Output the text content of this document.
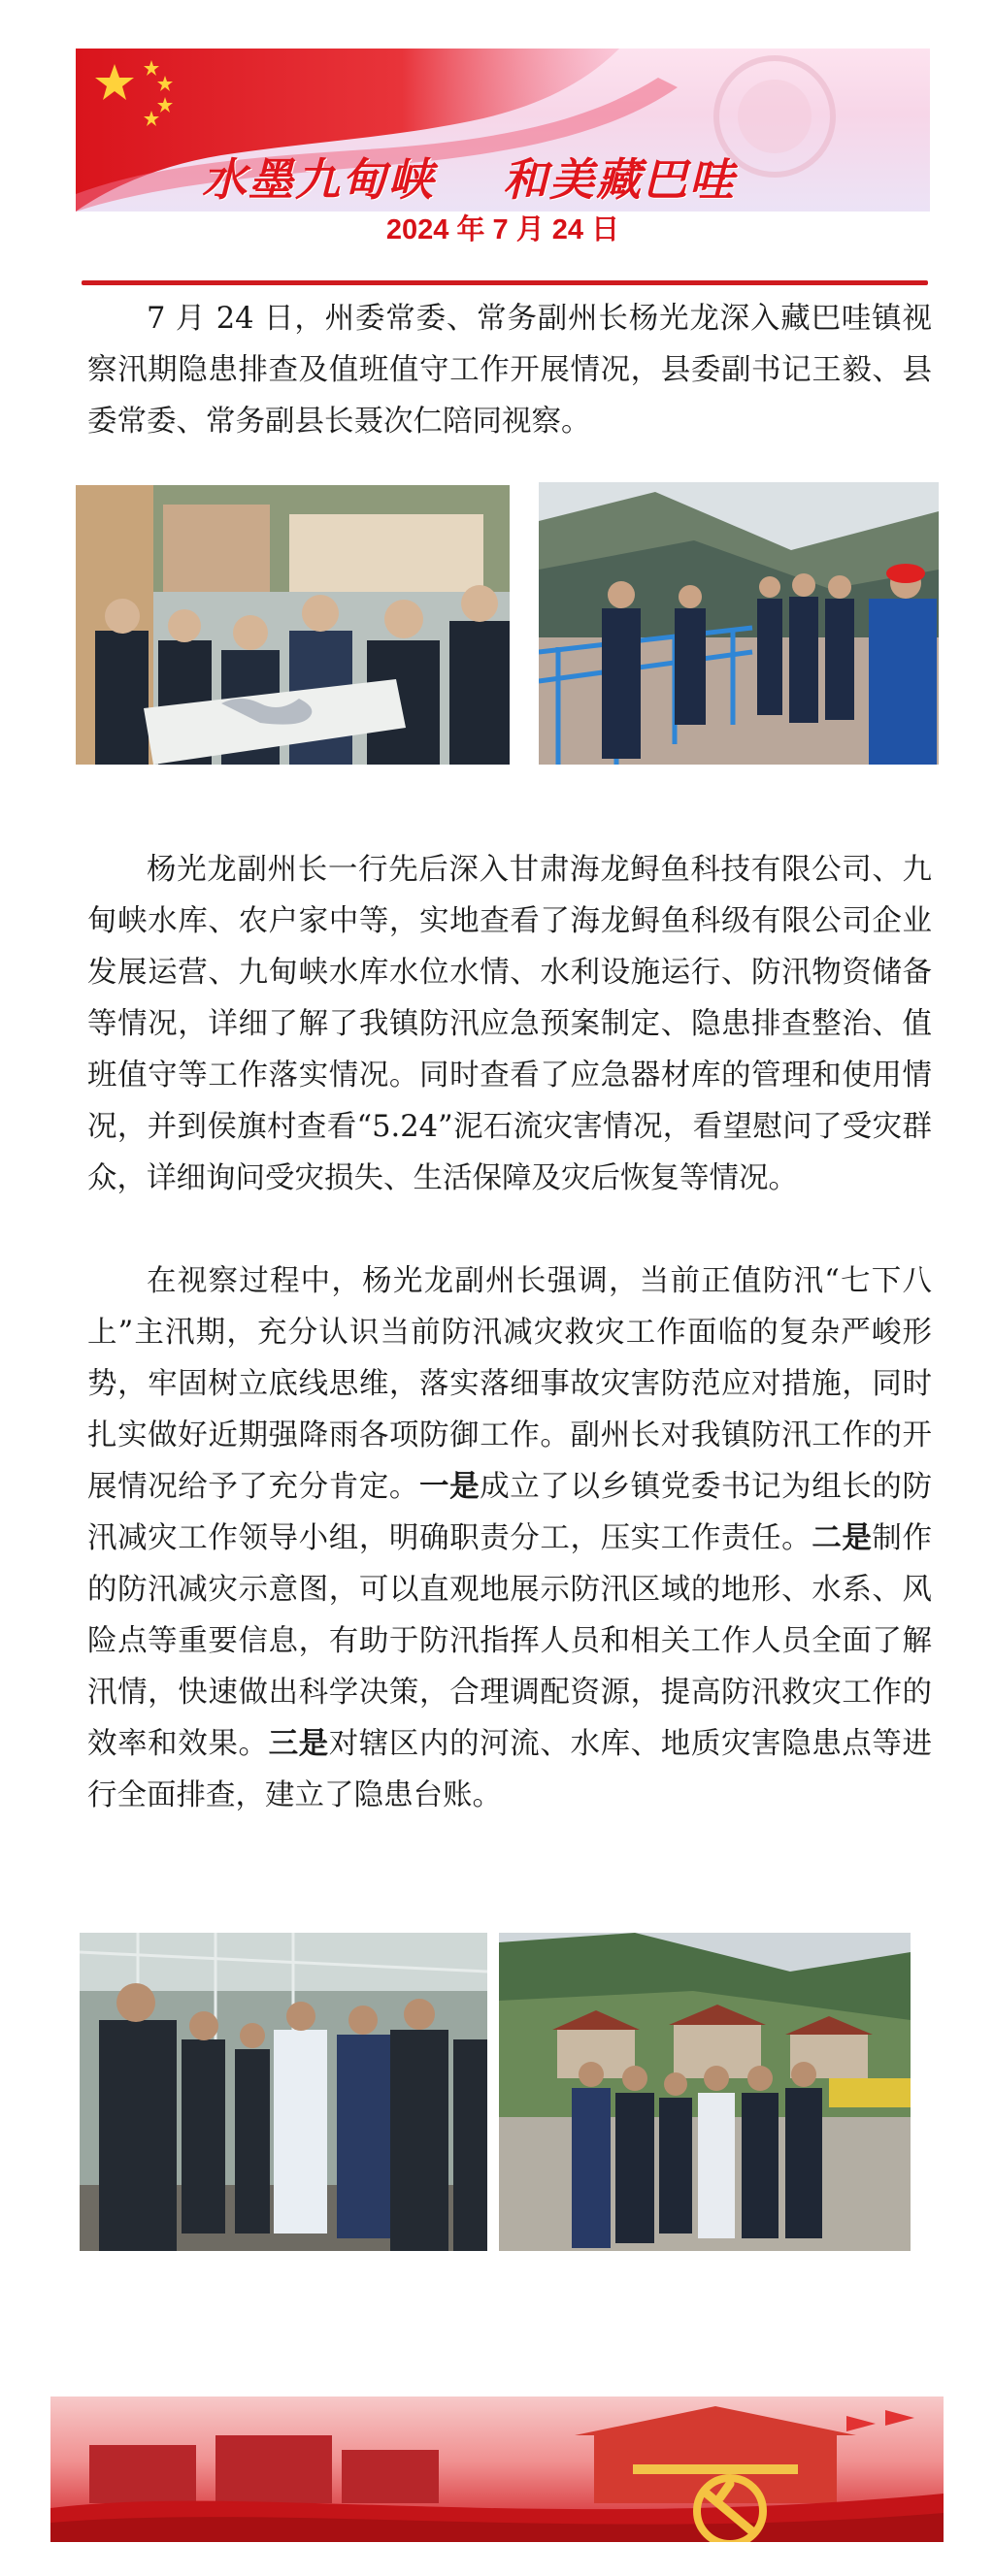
水墨九甸峡 和美藏巴哇
2024 年 7 月 24 日

7 月 24 日，州委常委、常务副州长杨光龙深入藏巴哇镇视察汛期隐患排查及值班值守工作开展情况，县委副书记王毅、县委常委、常务副县长聂次仁陪同视察。

杨光龙副州长一行先后深入甘肃海龙鲟鱼科技有限公司、九甸峡水库、农户家中等，实地查看了海龙鲟鱼科级有限公司企业发展运营、九甸峡水库水位水情、水利设施运行、防汛物资储备等情况，详细了解了我镇防汛应急预案制定、隐患排查整治、值班值守等工作落实情况。同时查看了应急器材库的管理和使用情况，并到侯旗村查看“5.24”泥石流灾害情况，看望慰问了受灾群众，详细询问受灾损失、生活保障及灾后恢复等情况。

在视察过程中，杨光龙副州长强调，当前正值防汛“七下八上”主汛期，充分认识当前防汛减灾救灾工作面临的复杂严峻形势，牢固树立底线思维，落实落细事故灾害防范应对措施，同时扎实做好近期强降雨各项防御工作。副州长对我镇防汛工作的开展情况给予了充分肯定。一是成立了以乡镇党委书记为组长的防汛减灾工作领导小组，明确职责分工，压实工作责任。二是制作的防汛减灾示意图，可以直观地展示防汛区域的地形、水系、风险点等重要信息，有助于防汛指挥人员和相关工作人员全面了解汛情，快速做出科学决策，合理调配资源，提高防汛救灾工作的效率和效果。三是对辖区内的河流、水库、地质灾害隐患点等进行全面排查，建立了隐患台账。
